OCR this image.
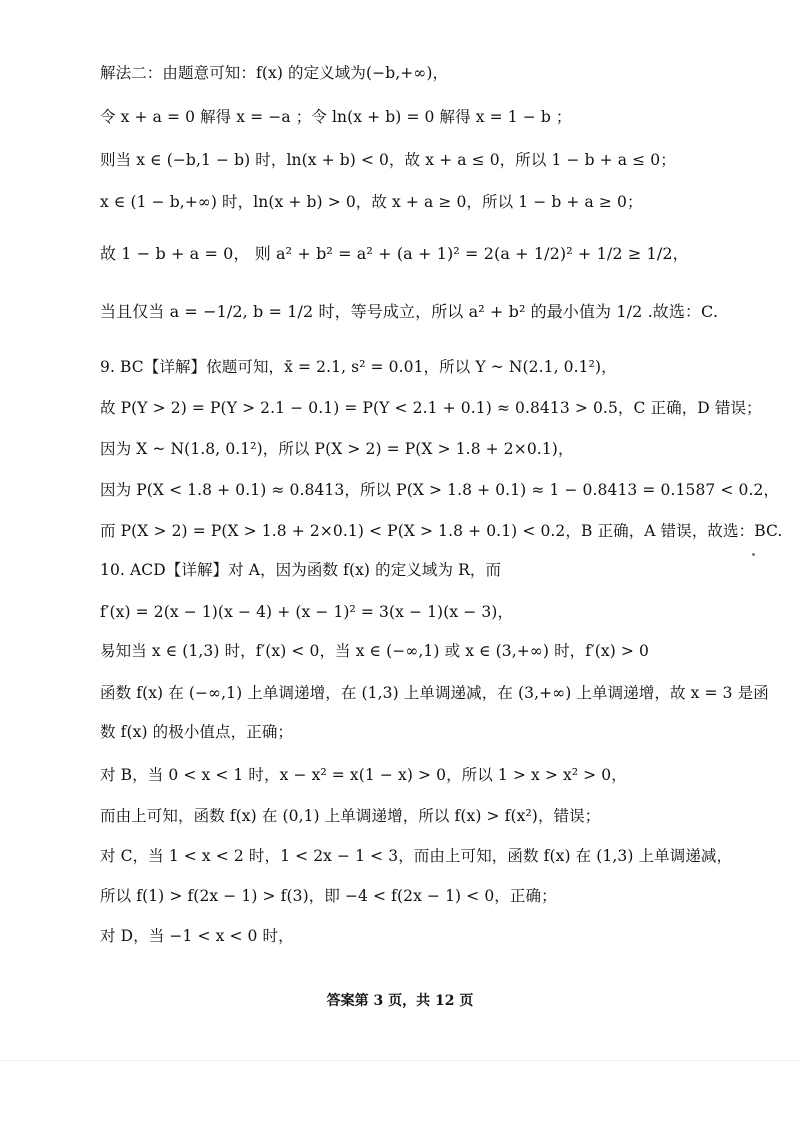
解法二：由题意可知：f(x) 的定义域为(−b,+∞)，
令 x + a = 0 解得 x = −a ；令 ln(x + b) = 0 解得 x = 1 − b ；
则当 x ∈ (−b,1 − b) 时，ln(x + b) < 0，故 x + a ≤ 0，所以 1 − b + a ≤ 0；
x ∈ (1 − b,+∞) 时，ln(x + b) > 0，故 x + a ≥ 0，所以 1 − b + a ≥ 0；
故 1 − b + a = 0， 则 a² + b² = a² + (a + 1)² = 2(a + 1/2)² + 1/2 ≥ 1/2，
当且仅当 a = −1/2, b = 1/2 时，等号成立，所以 a² + b² 的最小值为 1/2 .故选：C.
9. BC【详解】依题可知，x̄ = 2.1, s² = 0.01，所以 Y ~ N(2.1, 0.1²)，
故 P(Y > 2) = P(Y > 2.1 − 0.1) = P(Y < 2.1 + 0.1) ≈ 0.8413 > 0.5，C 正确，D 错误；
因为 X ~ N(1.8, 0.1²)，所以 P(X > 2) = P(X > 1.8 + 2×0.1)，
因为 P(X < 1.8 + 0.1) ≈ 0.8413，所以 P(X > 1.8 + 0.1) ≈ 1 − 0.8413 = 0.1587 < 0.2，
而 P(X > 2) = P(X > 1.8 + 2×0.1) < P(X > 1.8 + 0.1) < 0.2，B 正确，A 错误，故选：BC.
10. ACD【详解】对 A，因为函数 f(x) 的定义域为 R，而
f′(x) = 2(x − 1)(x − 4) + (x − 1)² = 3(x − 1)(x − 3)，
易知当 x ∈ (1,3) 时，f′(x) < 0，当 x ∈ (−∞,1) 或 x ∈ (3,+∞) 时，f′(x) > 0
函数 f(x) 在 (−∞,1) 上单调递增，在 (1,3) 上单调递减，在 (3,+∞) 上单调递增，故 x = 3 是函
数 f(x) 的极小值点，正确；
对 B，当 0 < x < 1 时，x − x² = x(1 − x) > 0，所以 1 > x > x² > 0，
而由上可知，函数 f(x) 在 (0,1) 上单调递增，所以 f(x) > f(x²)，错误；
对 C，当 1 < x < 2 时，1 < 2x − 1 < 3，而由上可知，函数 f(x) 在 (1,3) 上单调递减，
所以 f(1) > f(2x − 1) > f(3)，即 −4 < f(2x − 1) < 0，正确；
对 D，当 −1 < x < 0 时，
答案第 3 页，共 12 页
